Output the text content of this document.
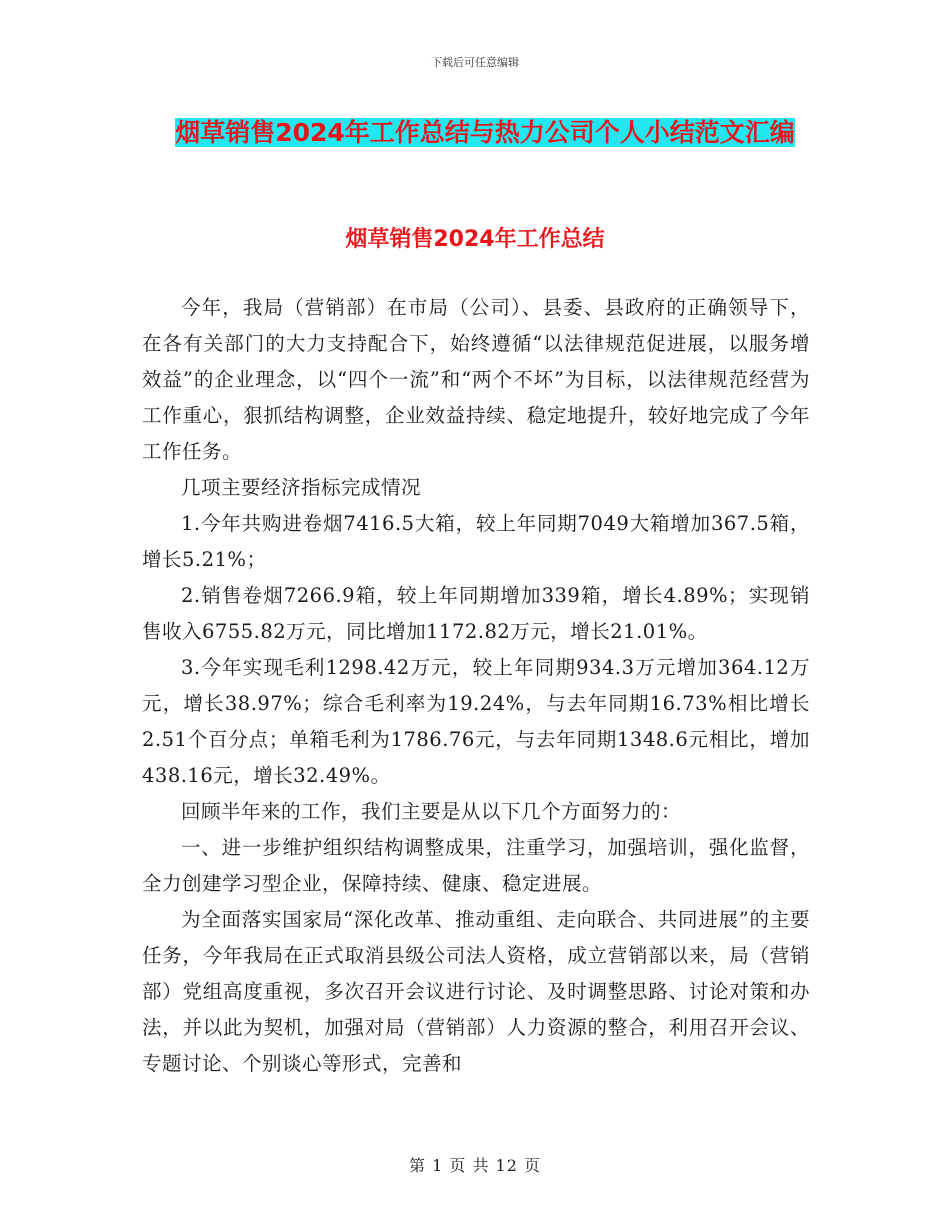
下载后可任意编辑
烟草销售2024年工作总结与热力公司个人小结范文汇编
烟草销售2024年工作总结

今年，我局（营销部）在市局（公司）、县委、县政府的正确领导下，在各有关部门的大力支持配合下，始终遵循“以法律规范促进展，以服务增效益”的企业理念，以“四个一流”和“两个不坏”为目标，以法律规范经营为工作重心，狠抓结构调整，企业效益持续、稳定地提升，较好地完成了今年工作任务。

几项主要经济指标完成情况

1.今年共购进卷烟7416.5大箱，较上年同期7049大箱增加367.5箱，增长5.21%；

2.销售卷烟7266.9箱，较上年同期增加339箱，增长4.89%；实现销售收入6755.82万元，同比增加1172.82万元，增长21.01%。

3.今年实现毛利1298.42万元，较上年同期934.3万元增加364.12万元，增长38.97%；综合毛利率为19.24%，与去年同期16.73%相比增长2.51个百分点；单箱毛利为1786.76元，与去年同期1348.6元相比，增加438.16元，增长32.49%。

回顾半年来的工作，我们主要是从以下几个方面努力的：

一、进一步维护组织结构调整成果，注重学习，加强培训，强化监督，全力创建学习型企业，保障持续、健康、稳定进展。

为全面落实国家局“深化改革、推动重组、走向联合、共同进展”的主要任务，今年我局在正式取消县级公司法人资格，成立营销部以来，局（营销部）党组高度重视，多次召开会议进行讨论、及时调整思路、讨论对策和办法，并以此为契机，加强对局（营销部）人力资源的整合，利用召开会议、专题讨论、个别谈心等形式，完善和

第 1 页 共 12 页
